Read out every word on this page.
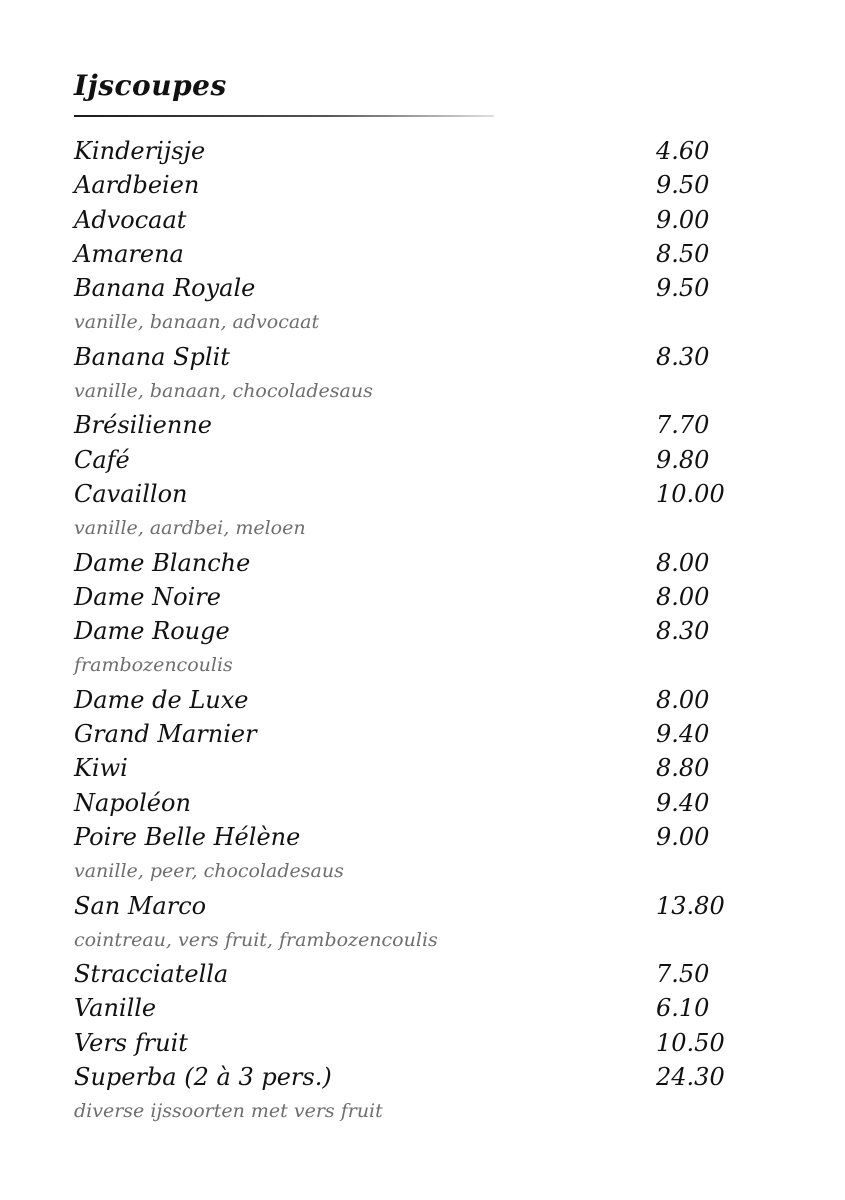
Ijscoupes
Kinderijsje	4.60
Aardbeien	9.50
Advocaat	9.00
Amarena	8.50
Banana Royale	9.50
vanille, banaan, advocaat
Banana Split	8.30
vanille, banaan, chocoladesaus
Brésilienne	7.70
Café	9.80
Cavaillon	10.00
vanille, aardbei, meloen
Dame Blanche	8.00
Dame Noire	8.00
Dame Rouge	8.30
frambozencoulis
Dame de Luxe	8.00
Grand Marnier	9.40
Kiwi	8.80
Napoléon	9.40
Poire Belle Hélène	9.00
vanille, peer, chocoladesaus
San Marco	13.80
cointreau, vers fruit, frambozencoulis
Stracciatella	7.50
Vanille	6.10
Vers fruit	10.50
Superba (2 à 3 pers.)	24.30
diverse ijssoorten met vers fruit
